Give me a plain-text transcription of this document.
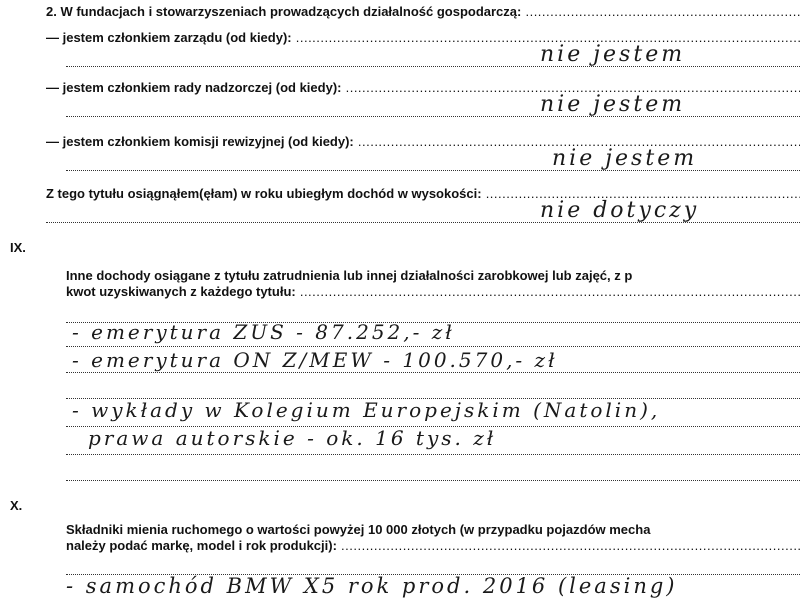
2. W fundacjach i stowarzyszeniach prowadzących działalność gospodarczą: .....
— jestem członkiem zarządu (od kiedy): .....
nie jestem
— jestem członkiem rady nadzorczej (od kiedy): .....
nie jestem
— jestem członkiem komisji rewizyjnej (od kiedy): .....
nie jestem
Z tego tytułu osiągnąłem(ęłam) w roku ubiegłym dochód w wysokości: .....
nie dotyczy
IX.
Inne dochody osiągane z tytułu zatrudnienia lub innej działalności zarobkowej lub zajęć, z p
kwot uzyskiwanych z każdego tytułu: .....
- emerytura ZUS - 87.252,- zł
- emerytura ON Z/MEW - 100.570,- zł
- wykłady w Kolegium Europejskim (Natolin),
prawa autorskie - ok. 16 tys. zł
X.
Składniki mienia ruchomego o wartości powyżej 10 000 złotych (w przypadku pojazdów mecha
należy podać markę, model i rok produkcji): .....
- samochód BMW X5 rok prod. 2016 (leasing)
